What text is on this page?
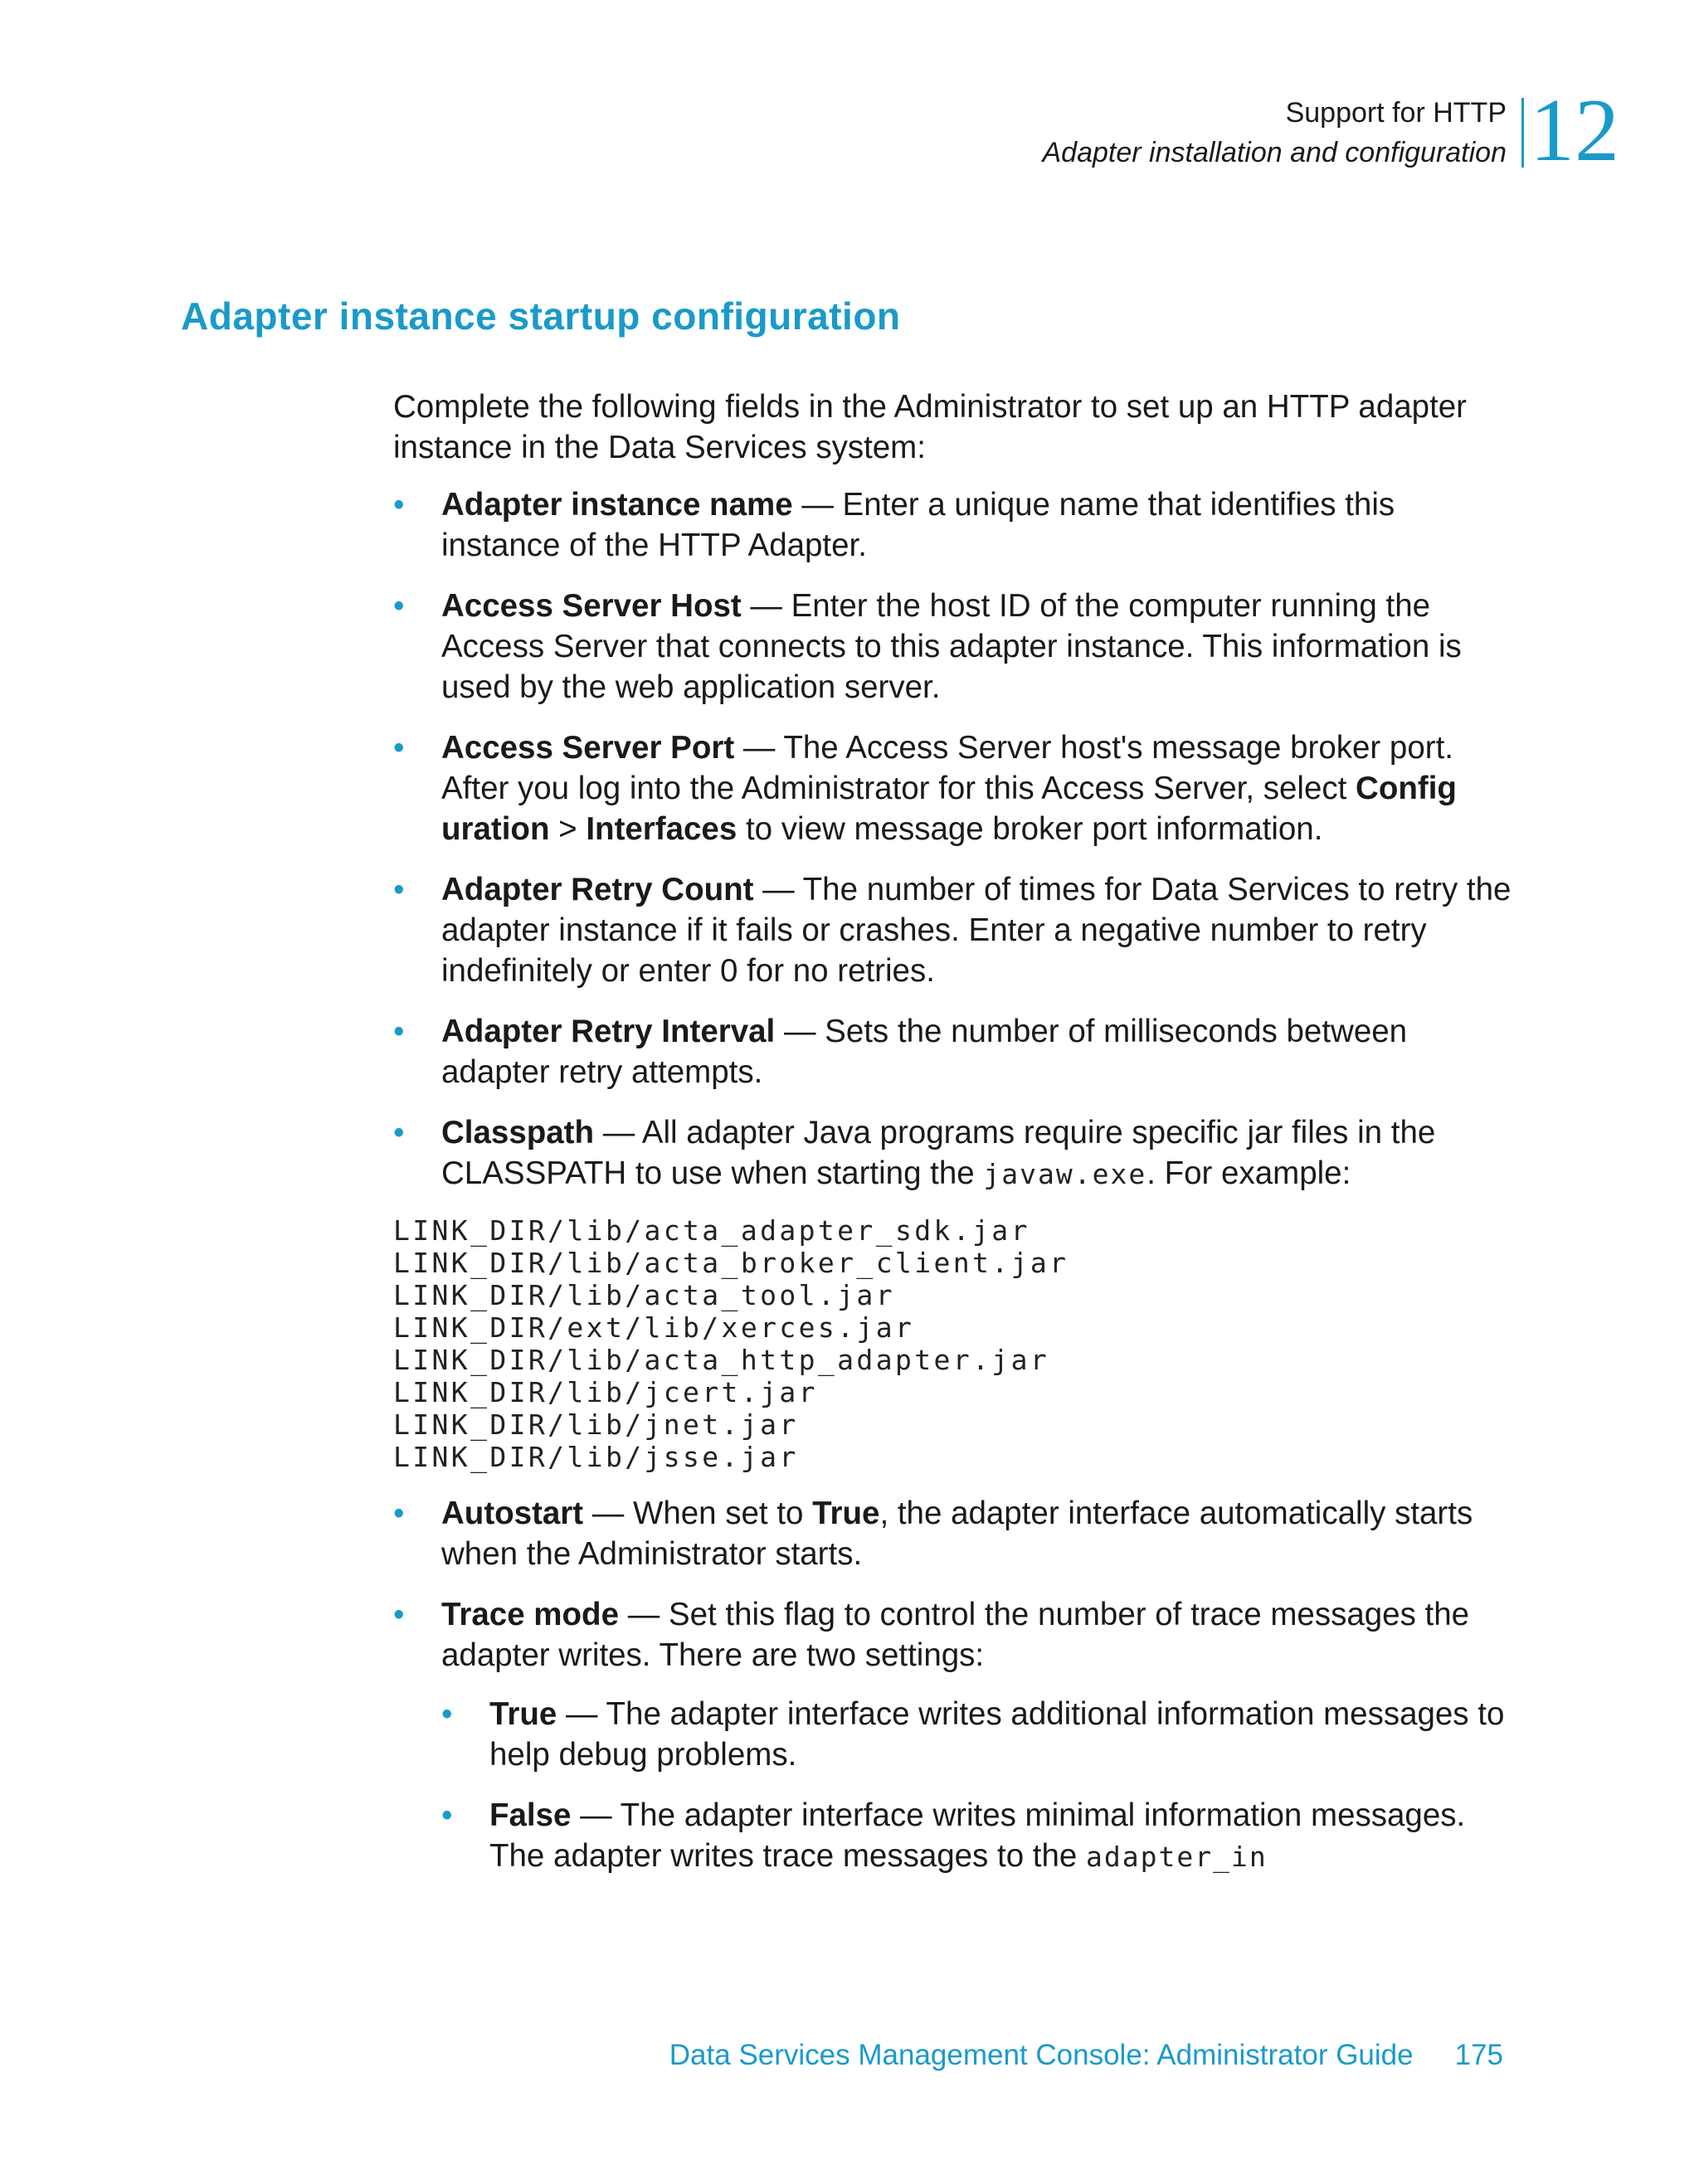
Support for HTTP
Adapter installation and configuration 12
Adapter instance startup configuration

Complete the following fields in the Administrator to set up an HTTP adapter instance in the Data Services system:

• Adapter instance name — Enter a unique name that identifies this instance of the HTTP Adapter.
• Access Server Host — Enter the host ID of the computer running the Access Server that connects to this adapter instance. This information is used by the web application server.
• Access Server Port — The Access Server host's message broker port. After you log into the Administrator for this Access Server, select Config uration > Interfaces to view message broker port information.
• Adapter Retry Count — The number of times for Data Services to retry the adapter instance if it fails or crashes. Enter a negative number to retry indefinitely or enter 0 for no retries.
• Adapter Retry Interval — Sets the number of milliseconds between adapter retry attempts.
• Classpath — All adapter Java programs require specific jar files in the CLASSPATH to use when starting the javaw.exe. For example:
LINK_DIR/lib/acta_adapter_sdk.jar
LINK_DIR/lib/acta_broker_client.jar
LINK_DIR/lib/acta_tool.jar
LINK_DIR/ext/lib/xerces.jar
LINK_DIR/lib/acta_http_adapter.jar
LINK_DIR/lib/jcert.jar
LINK_DIR/lib/jnet.jar
LINK_DIR/lib/jsse.jar
• Autostart — When set to True, the adapter interface automatically starts when the Administrator starts.
• Trace mode — Set this flag to control the number of trace messages the adapter writes. There are two settings:
• True — The adapter interface writes additional information messages to help debug problems.
• False — The adapter interface writes minimal information messages. The adapter writes trace messages to the adapter_in
Data Services Management Console: Administrator Guide 175
